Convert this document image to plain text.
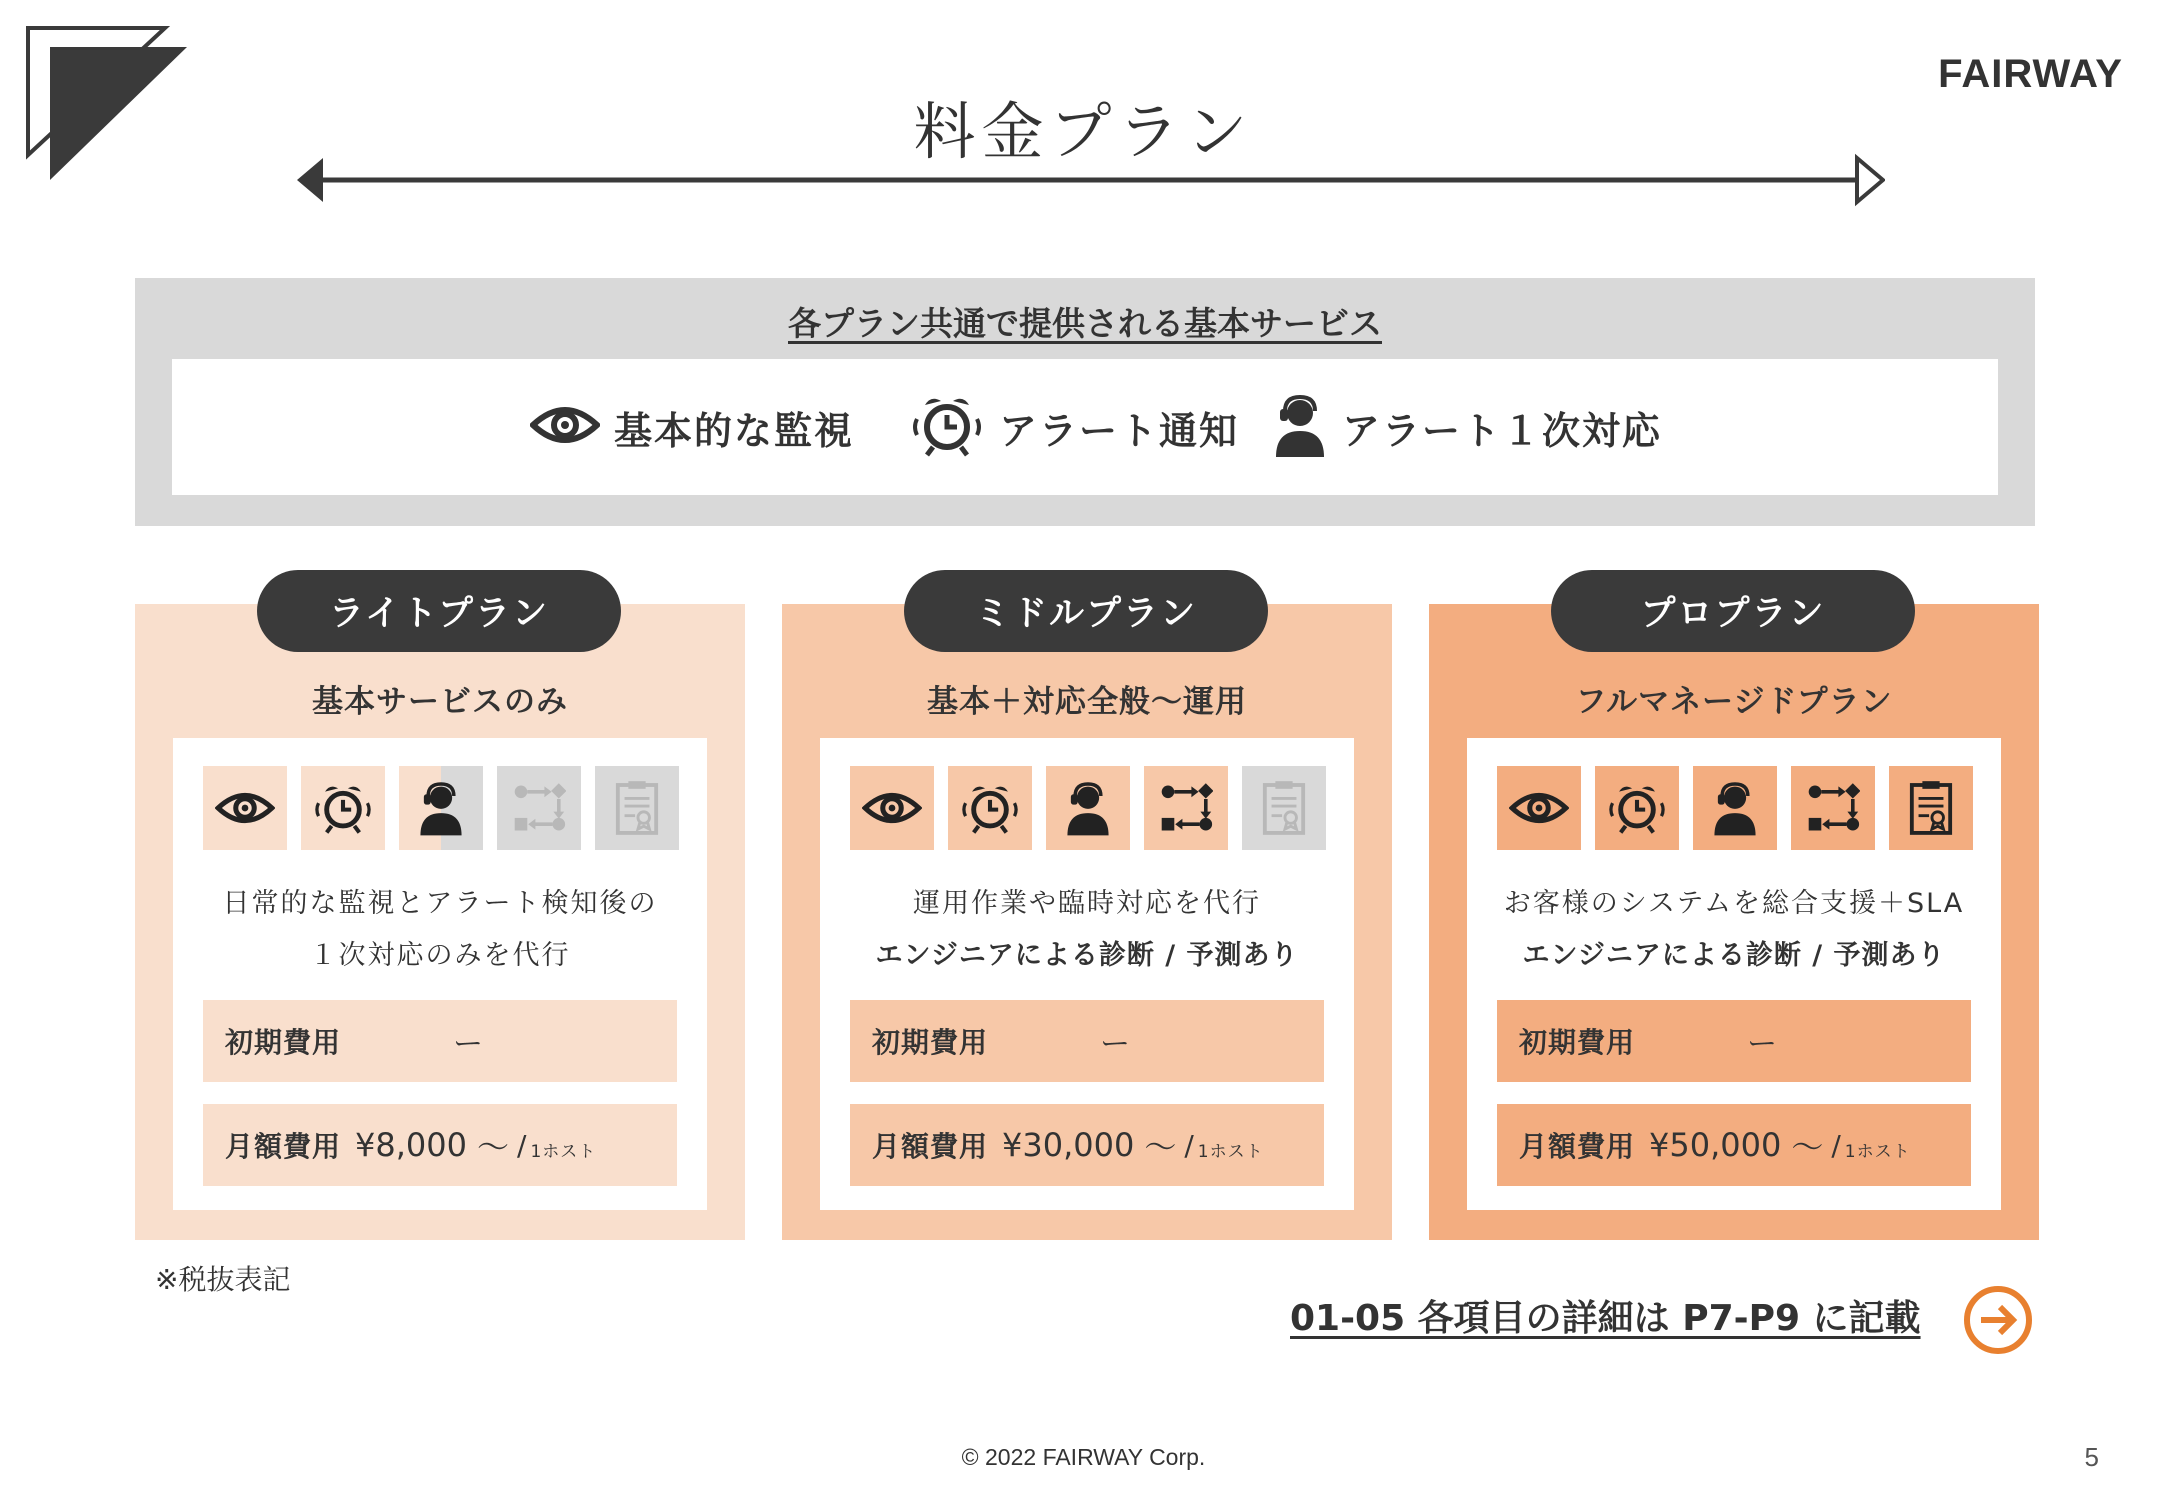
FAIRWAY
料金プラン
各プラン共通で提供される基本サービス
基本的な監視	アラート通知	アラート１次対応
ライトプラン
基本サービスのみ
日常的な監視とアラート検知後の
１次対応のみを代行
初期費用	ー
月額費用 ¥8,000 〜 / 1ホスト
ミドルプラン
基本＋対応全般〜運用
運用作業や臨時対応を代行
エンジニアによる診断 / 予測あり
初期費用	ー
月額費用 ¥30,000 〜 / 1ホスト
プロプラン
フルマネージドプラン
お客様のシステムを総合支援＋SLA
エンジニアによる診断 / 予測あり
初期費用	ー
月額費用 ¥50,000 〜 / 1ホスト
※税抜表記
01-05 各項目の詳細は P7-P9 に記載
© 2022 FAIRWAY Corp.	5
